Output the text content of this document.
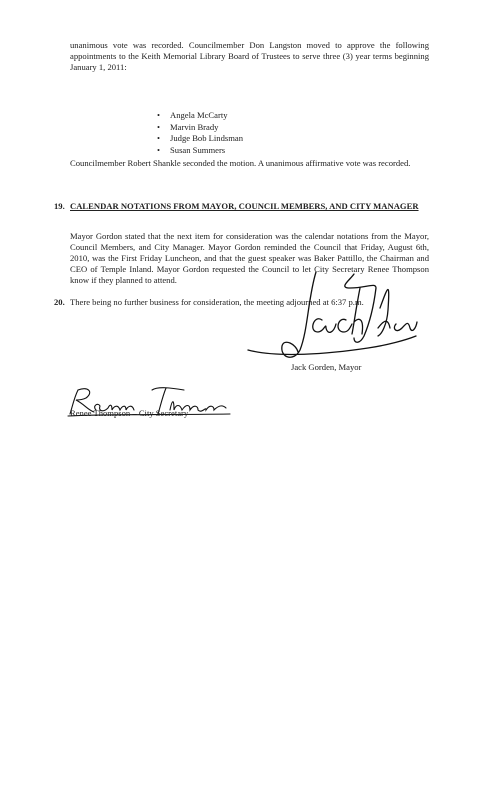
unanimous vote was recorded. Councilmember Don Langston moved to approve the following appointments to the Keith Memorial Library Board of Trustees to serve three (3) year terms beginning January 1, 2011:
• Angela McCarty
• Marvin Brady
• Judge Bob Lindsman
• Susan Summers
Councilmember Robert Shankle seconded the motion. A unanimous affirmative vote was recorded.
19. CALENDAR NOTATIONS FROM MAYOR, COUNCIL MEMBERS, AND CITY MANAGER
Mayor Gordon stated that the next item for consideration was the calendar notations from the Mayor, Council Members, and City Manager. Mayor Gordon reminded the Council that Friday, August 6th, 2010, was the First Friday Luncheon, and that the guest speaker was Baker Pattillo, the Chairman and CEO of Temple Inland. Mayor Gordon requested the Council to let City Secretary Renee Thompson know if they planned to attend.
20. There being no further business for consideration, the meeting adjourned at 6:37 p.m.
Jack Gorden, Mayor
Renee Thompson – City Secretary
